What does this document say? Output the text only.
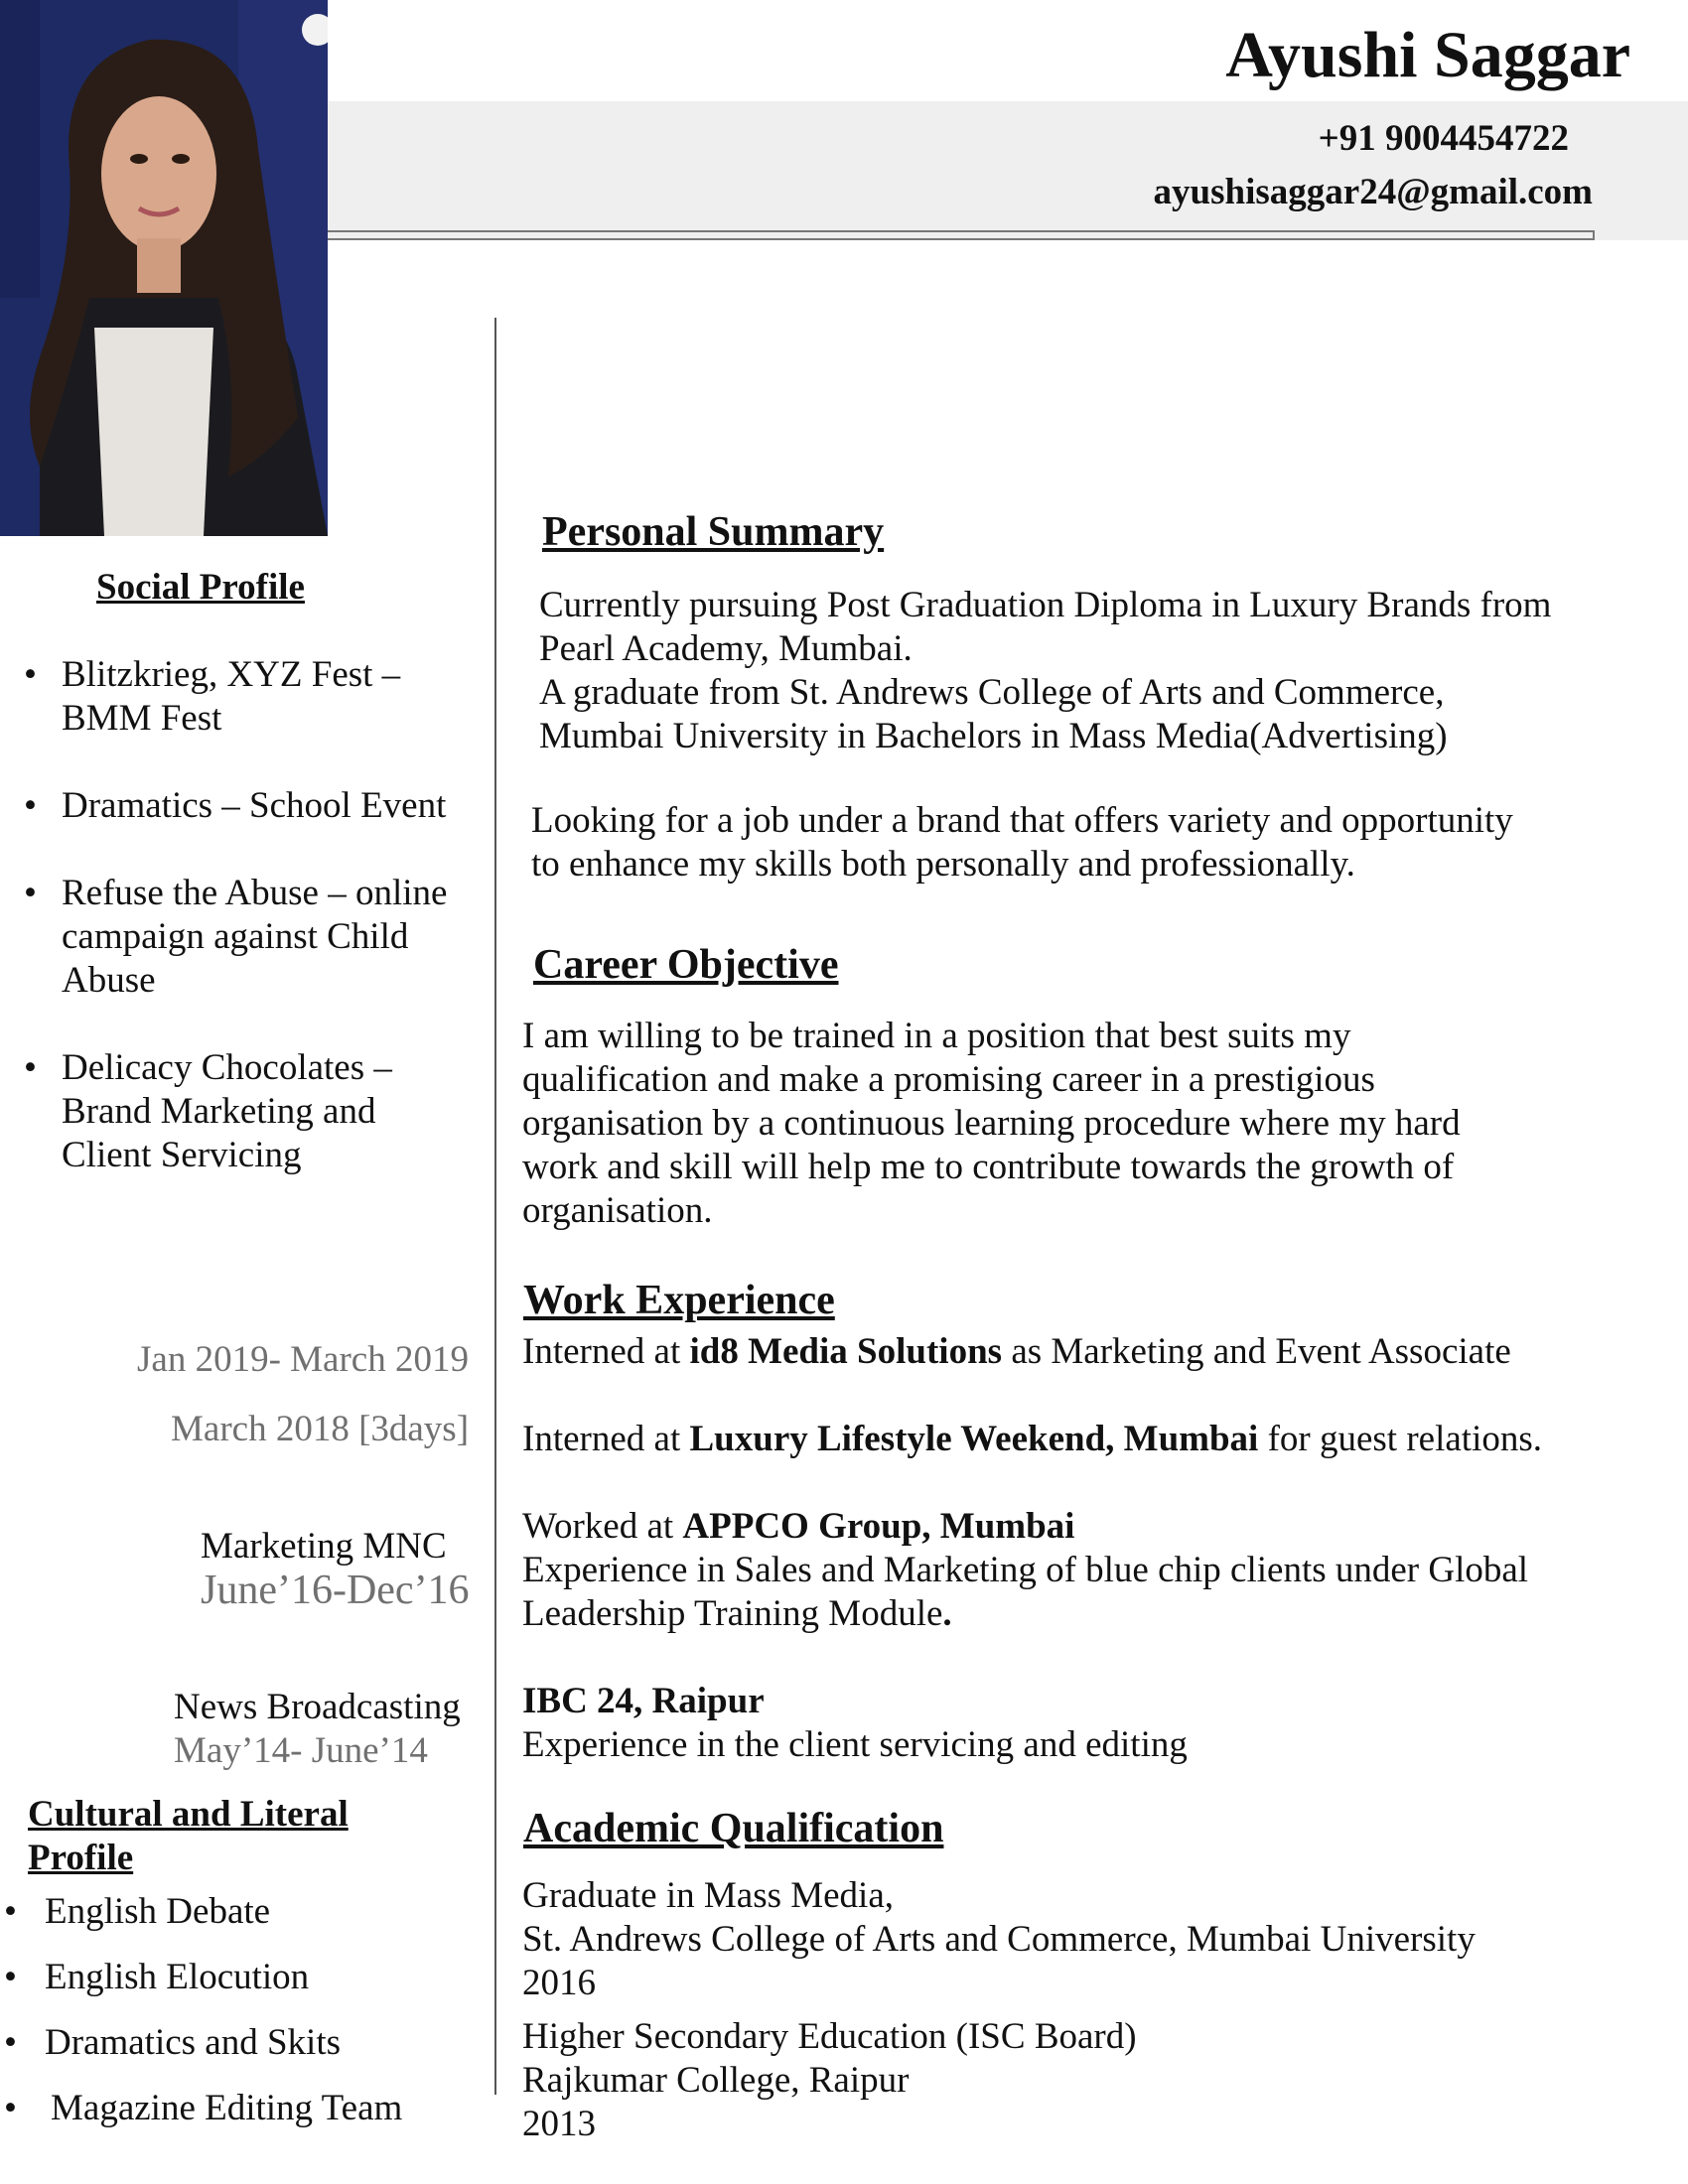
Ayushi Saggar
+91 9004454722
ayushisaggar24@gmail.com
Social Profile
• Blitzkrieg, XYZ Fest –
BMM Fest
• Dramatics – School Event
• Refuse the Abuse – online
campaign against Child
Abuse
• Delicacy Chocolates –
Brand Marketing and
Client Servicing
Jan 2019- March 2019
March 2018 [3days]
Marketing MNC
June’16-Dec’16
News Broadcasting
May’14- June’14
Cultural and Literal
Profile
• English Debate
• English Elocution
• Dramatics and Skits
• Magazine Editing Team
Personal Summary
Currently pursuing Post Graduation Diploma in Luxury Brands from
Pearl Academy, Mumbai.
A graduate from St. Andrews College of Arts and Commerce,
Mumbai University in Bachelors in Mass Media(Advertising)
Looking for a job under a brand that offers variety and opportunity
to enhance my skills both personally and professionally.
Career Objective
I am willing to be trained in a position that best suits my
qualification and make a promising career in a prestigious
organisation by a continuous learning procedure where my hard
work and skill will help me to contribute towards the growth of
organisation.
Work Experience
Interned at id8 Media Solutions as Marketing and Event Associate
Interned at Luxury Lifestyle Weekend, Mumbai for guest relations.
Worked at APPCO Group, Mumbai
Experience in Sales and Marketing of blue chip clients under Global
Leadership Training Module.
IBC 24, Raipur
Experience in the client servicing and editing
Academic Qualification
Graduate in Mass Media,
St. Andrews College of Arts and Commerce, Mumbai University
2016
Higher Secondary Education (ISC Board)
Rajkumar College, Raipur
2013
